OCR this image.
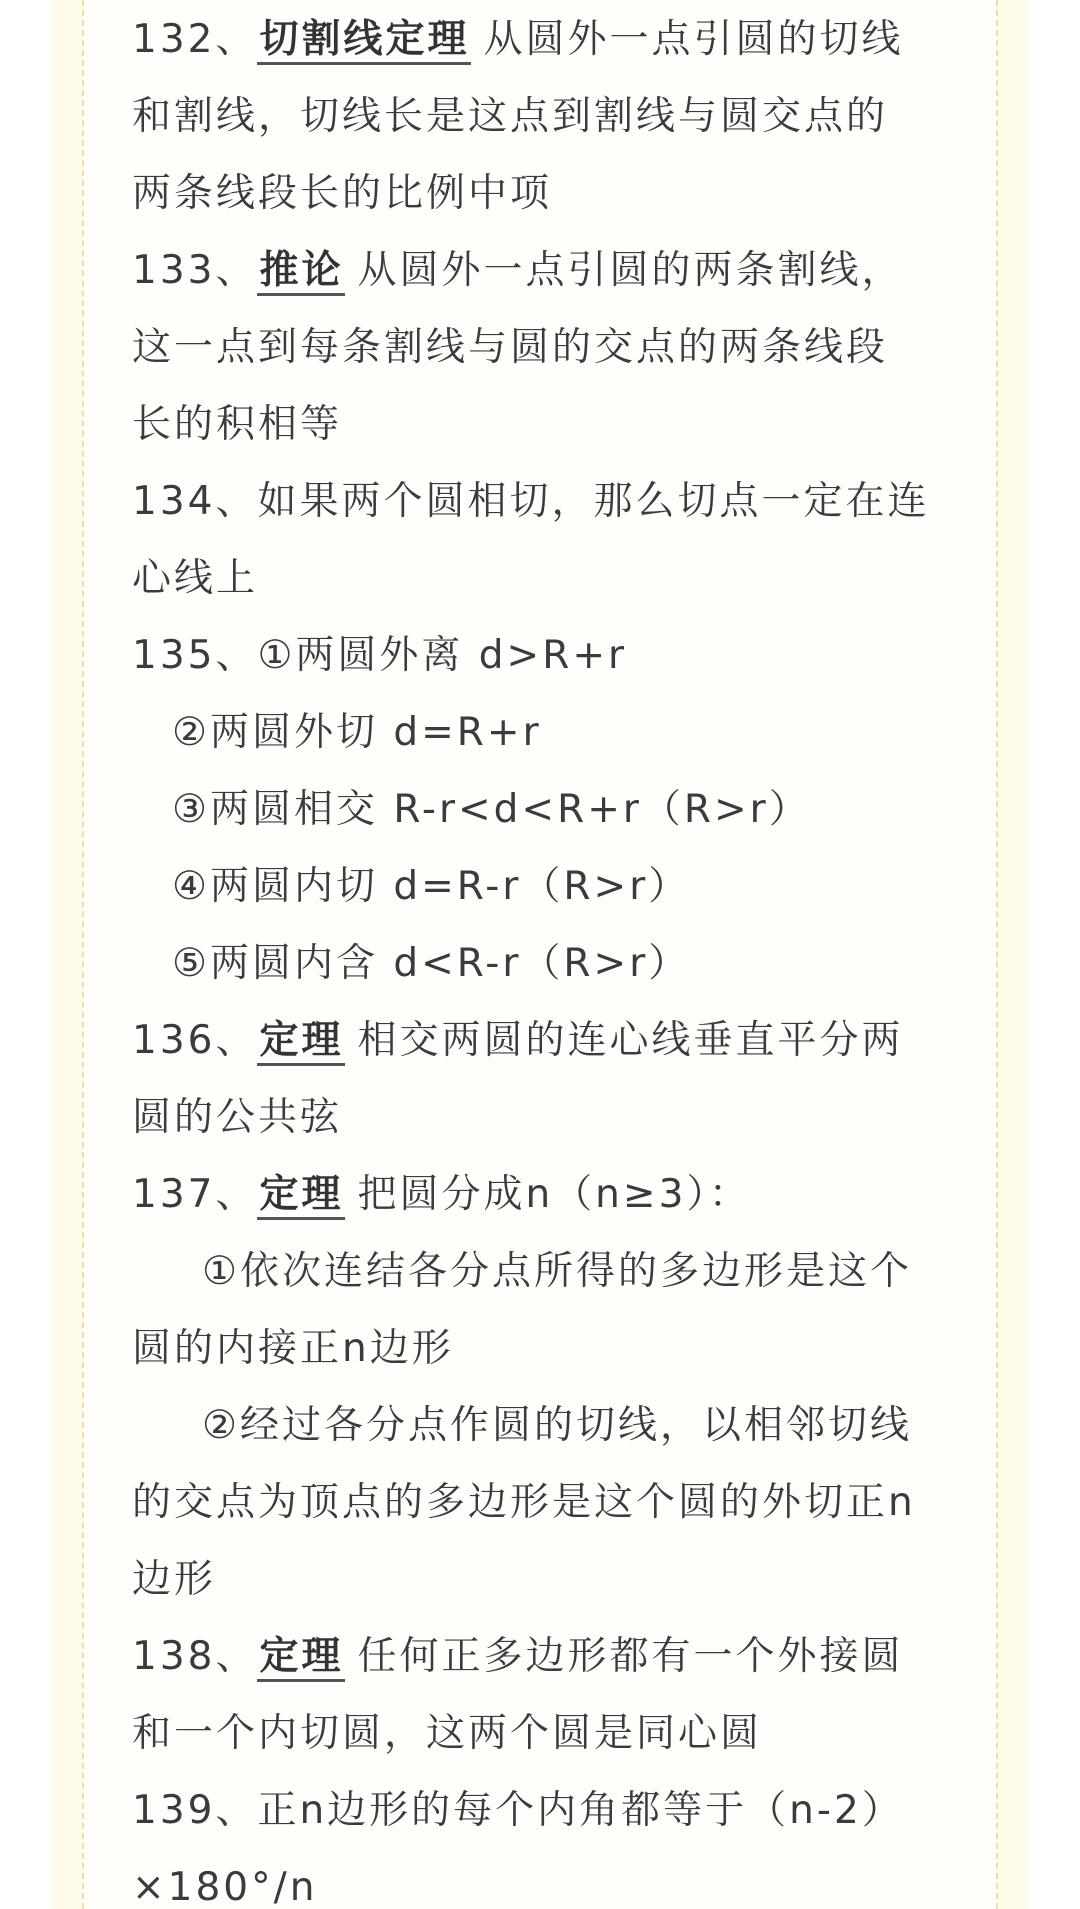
132、切割线定理 从圆外一点引圆的切线
和割线，切线长是这点到割线与圆交点的
两条线段长的比例中项
133、推论 从圆外一点引圆的两条割线，
这一点到每条割线与圆的交点的两条线段
长的积相等
134、如果两个圆相切，那么切点一定在连
心线上
135、①两圆外离 d>R+r
②两圆外切 d=R+r
③两圆相交 R-r<d<R+r（R>r）
④两圆内切 d=R-r（R>r）
⑤两圆内含 d<R-r（R>r）
136、定理 相交两圆的连心线垂直平分两
圆的公共弦
137、定理 把圆分成n（n≥3）：
①依次连结各分点所得的多边形是这个
圆的内接正n边形
②经过各分点作圆的切线，以相邻切线
的交点为顶点的多边形是这个圆的外切正n
边形
138、定理 任何正多边形都有一个外接圆
和一个内切圆，这两个圆是同心圆
139、正n边形的每个内角都等于（n-2）
×180°/n
